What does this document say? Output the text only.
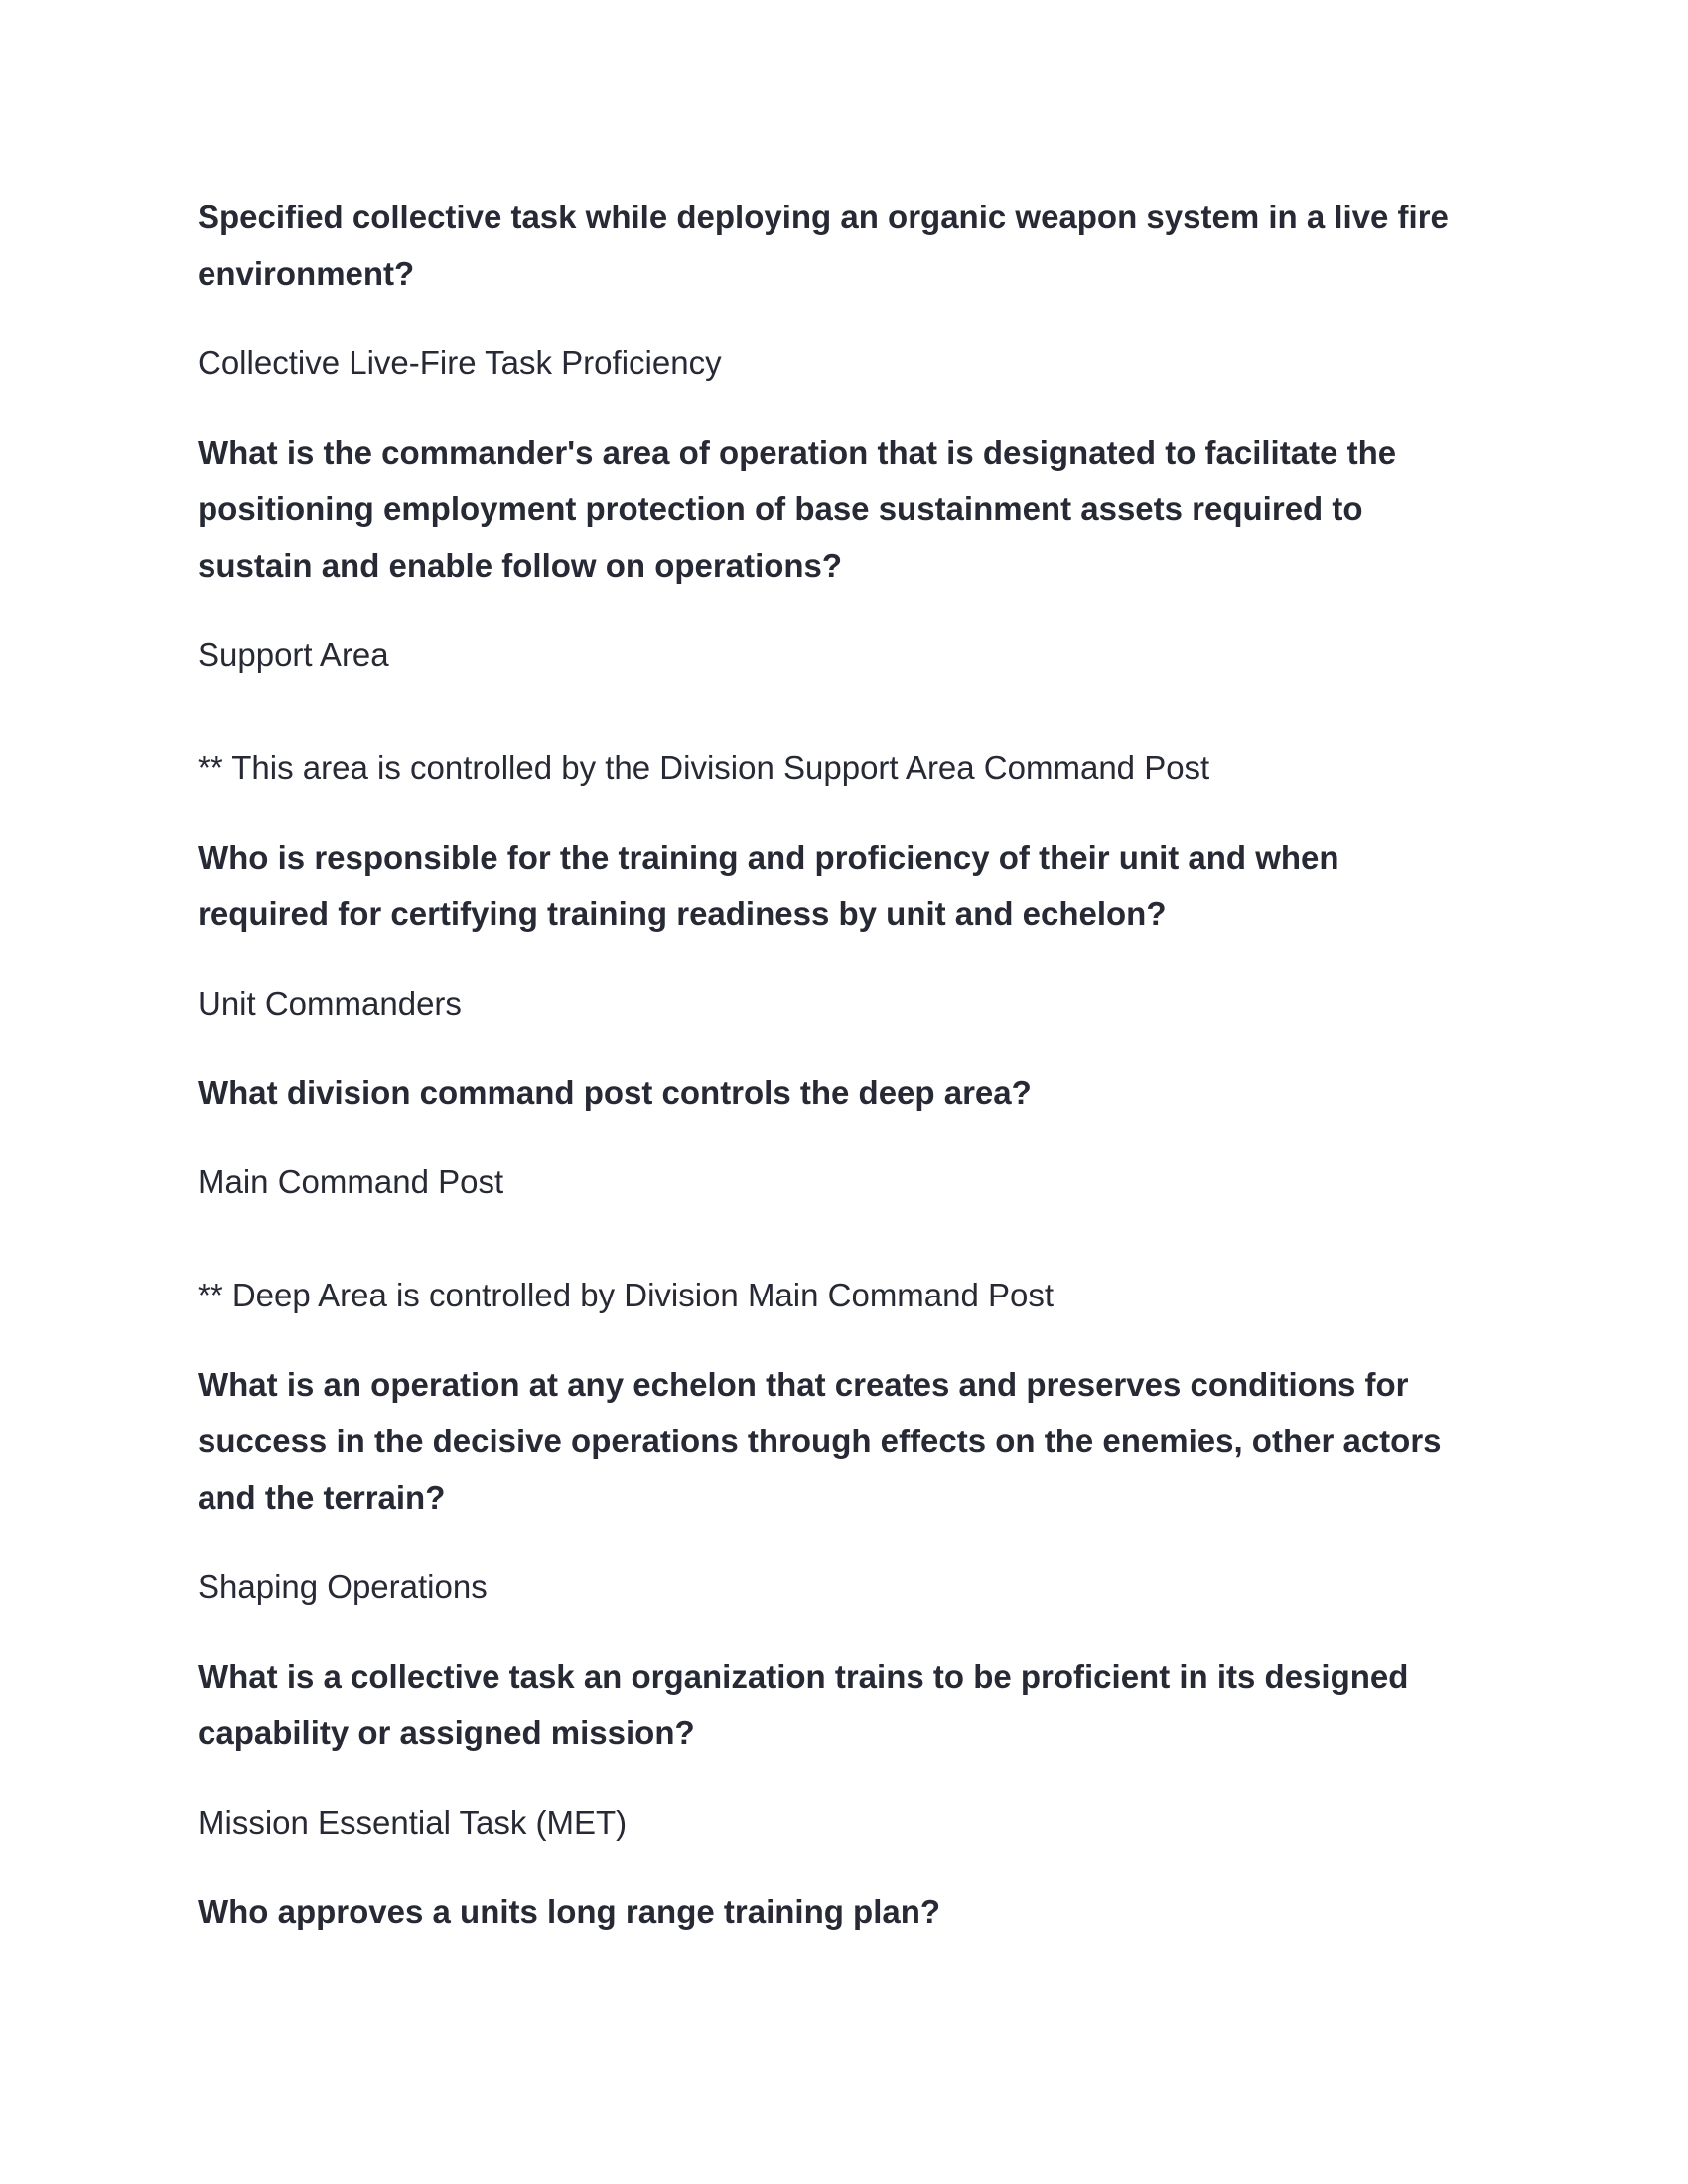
Specified collective task while deploying an organic weapon system in a live fire environment?

Collective Live-Fire Task Proficiency

What is the commander's area of operation that is designated to facilitate the positioning employment protection of base sustainment assets required to sustain and enable follow on operations?

Support Area

** This area is controlled by the Division Support Area Command Post

Who is responsible for the training and proficiency of their unit and when required for certifying training readiness by unit and echelon?

Unit Commanders

What division command post controls the deep area?

Main Command Post

** Deep Area is controlled by Division Main Command Post

What is an operation at any echelon that creates and preserves conditions for success in the decisive operations through effects on the enemies, other actors and the terrain?

Shaping Operations

What is a collective task an organization trains to be proficient in its designed capability or assigned mission?

Mission Essential Task (MET)

Who approves a units long range training plan?
